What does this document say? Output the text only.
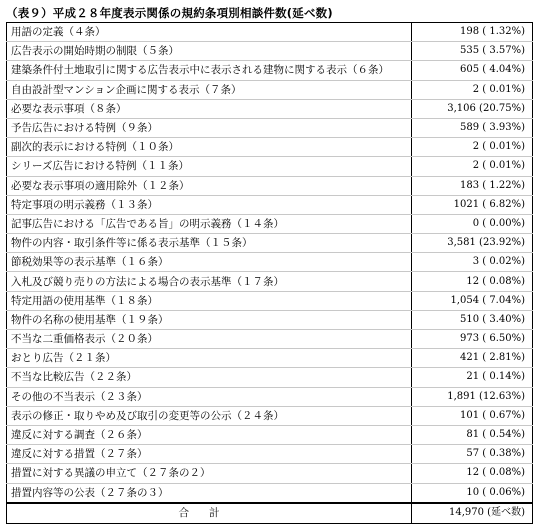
（表９）平成２８年度表示関係の規約条項別相談件数(延べ数)
用語の定義（４条）	198 ( 1.32%)
広告表示の開始時期の制限（５条）	535 ( 3.57%)
建築条件付土地取引に関する広告表示中に表示される建物に関する表示（６条）	605 ( 4.04%)
自由設計型マンション企画に関する表示（７条）	2 ( 0.01%)
必要な表示事項（８条）	3,106 (20.75%)
予告広告における特例（９条）	589 ( 3.93%)
副次的表示における特例（１０条）	2 ( 0.01%)
シリーズ広告における特例（１１条）	2 ( 0.01%)
必要な表示事項の適用除外（１２条）	183 ( 1.22%)
特定事項の明示義務（１３条）	1021 ( 6.82%)
記事広告における「広告である旨」の明示義務（１４条）	0 ( 0.00%)
物件の内容・取引条件等に係る表示基準（１５条）	3,581 (23.92%)
節税効果等の表示基準（１６条）	3 ( 0.02%)
入札及び競り売りの方法による場合の表示基準（１７条）	12 ( 0.08%)
特定用語の使用基準（１８条）	1,054 ( 7.04%)
物件の名称の使用基準（１９条）	510 ( 3.40%)
不当な二重価格表示（２０条）	973 ( 6.50%)
おとり広告（２１条）	421 ( 2.81%)
不当な比較広告（２２条）	21 ( 0.14%)
その他の不当表示（２３条）	1,891 (12.63%)
表示の修正・取りやめ及び取引の変更等の公示（２４条）	101 ( 0.67%)
違反に対する調査（２６条）	81 ( 0.54%)
違反に対する措置（２７条）	57 ( 0.38%)
措置に対する異議の申立て（２７条の２）	12 ( 0.08%)
措置内容等の公表（２７条の３）	10 ( 0.06%)
合計	14,970 (延べ数)
